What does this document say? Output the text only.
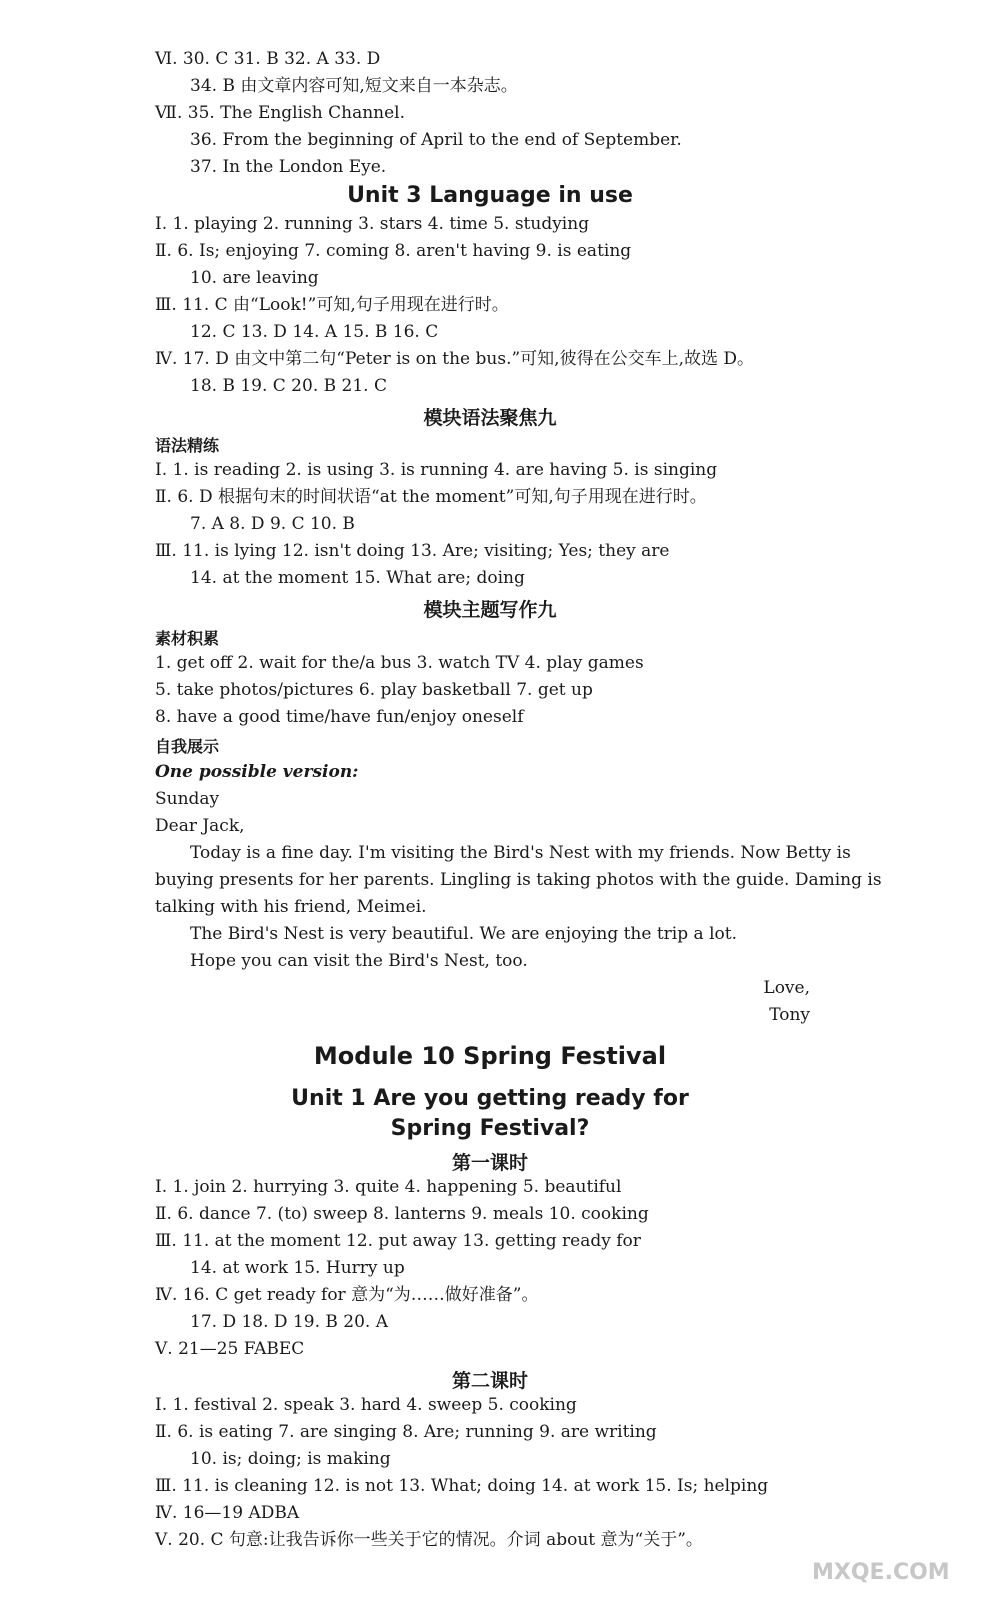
Ⅵ. 30. C 31. B 32. A 33. D
34. B 由文章内容可知,短文来自一本杂志。
Ⅶ. 35. The English Channel.
36. From the beginning of April to the end of September.
37. In the London Eye.
Unit 3 Language in use
Ⅰ. 1. playing 2. running 3. stars 4. time 5. studying
Ⅱ. 6. Is; enjoying 7. coming 8. aren't having 9. is eating
10. are leaving
Ⅲ. 11. C 由“Look!”可知,句子用现在进行时。
12. C 13. D 14. A 15. B 16. C
Ⅳ. 17. D 由文中第二句“Peter is on the bus.”可知,彼得在公交车上,故选 D。
18. B 19. C 20. B 21. C
模块语法聚焦九
语法精练
Ⅰ. 1. is reading 2. is using 3. is running 4. are having 5. is singing
Ⅱ. 6. D 根据句末的时间状语“at the moment”可知,句子用现在进行时。
7. A 8. D 9. C 10. B
Ⅲ. 11. is lying 12. isn't doing 13. Are; visiting; Yes; they are
14. at the moment 15. What are; doing
模块主题写作九
素材积累
1. get off 2. wait for the/a bus 3. watch TV 4. play games
5. take photos/pictures 6. play basketball 7. get up
8. have a good time/have fun/enjoy oneself
自我展示
One possible version:
Sunday
Dear Jack,
Today is a fine day. I'm visiting the Bird's Nest with my friends. Now Betty is
buying presents for her parents. Lingling is taking photos with the guide. Daming is
talking with his friend, Meimei.
The Bird's Nest is very beautiful. We are enjoying the trip a lot.
Hope you can visit the Bird's Nest, too.
Love,
Tony
Module 10 Spring Festival
Unit 1 Are you getting ready for
Spring Festival?
第一课时
Ⅰ. 1. join 2. hurrying 3. quite 4. happening 5. beautiful
Ⅱ. 6. dance 7. (to) sweep 8. lanterns 9. meals 10. cooking
Ⅲ. 11. at the moment 12. put away 13. getting ready for
14. at work 15. Hurry up
Ⅳ. 16. C get ready for 意为“为……做好准备”。
17. D 18. D 19. B 20. A
Ⅴ. 21—25 FABEC
第二课时
Ⅰ. 1. festival 2. speak 3. hard 4. sweep 5. cooking
Ⅱ. 6. is eating 7. are singing 8. Are; running 9. are writing
10. is; doing; is making
Ⅲ. 11. is cleaning 12. is not 13. What; doing 14. at work 15. Is; helping
Ⅳ. 16—19 ADBA
Ⅴ. 20. C 句意:让我告诉你一些关于它的情况。介词 about 意为“关于”。
MXQE.COM
